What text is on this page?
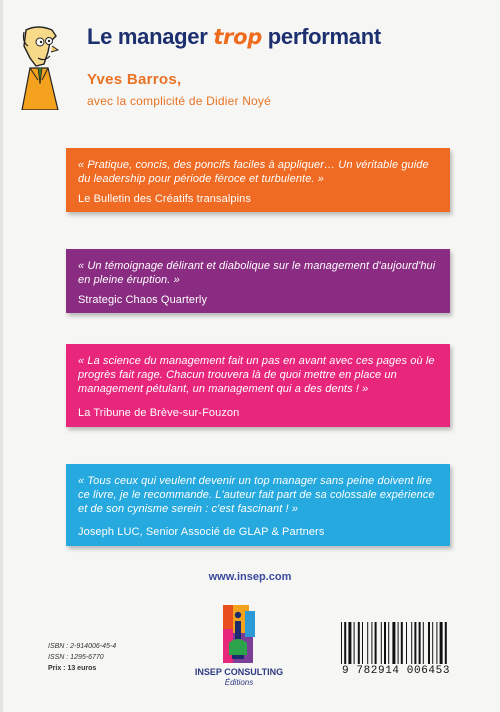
Le manager trop performant
Yves Barros,
avec la complicité de Didier Noyé
« Pratique, concis, des poncifs faciles à appliquer… Un véritable guide du leadership pour période féroce et turbulente. »
Le Bulletin des Créatifs transalpins
« Un témoignage délirant et diabolique sur le management d'aujourd'hui en pleine éruption. »
Strategic Chaos Quarterly
« La science du management fait un pas en avant avec ces pages où le progrès fait rage. Chacun trouvera là de quoi mettre en place un management pétulant, un management qui a des dents ! »
La Tribune de Brève-sur-Fouzon
« Tous ceux qui veulent devenir un top manager sans peine doivent lire ce livre, je le recommande. L'auteur fait part de sa colossale expérience et de son cynisme serein : c'est fascinant ! »
Joseph LUC, Senior Associé de GLAP & Partners
www.insep.com
INSEP CONSULTING
Éditions
ISBN : 2-914006-45-4
ISSN : 1295-6770
Prix : 13 euros	9 782914 006453
